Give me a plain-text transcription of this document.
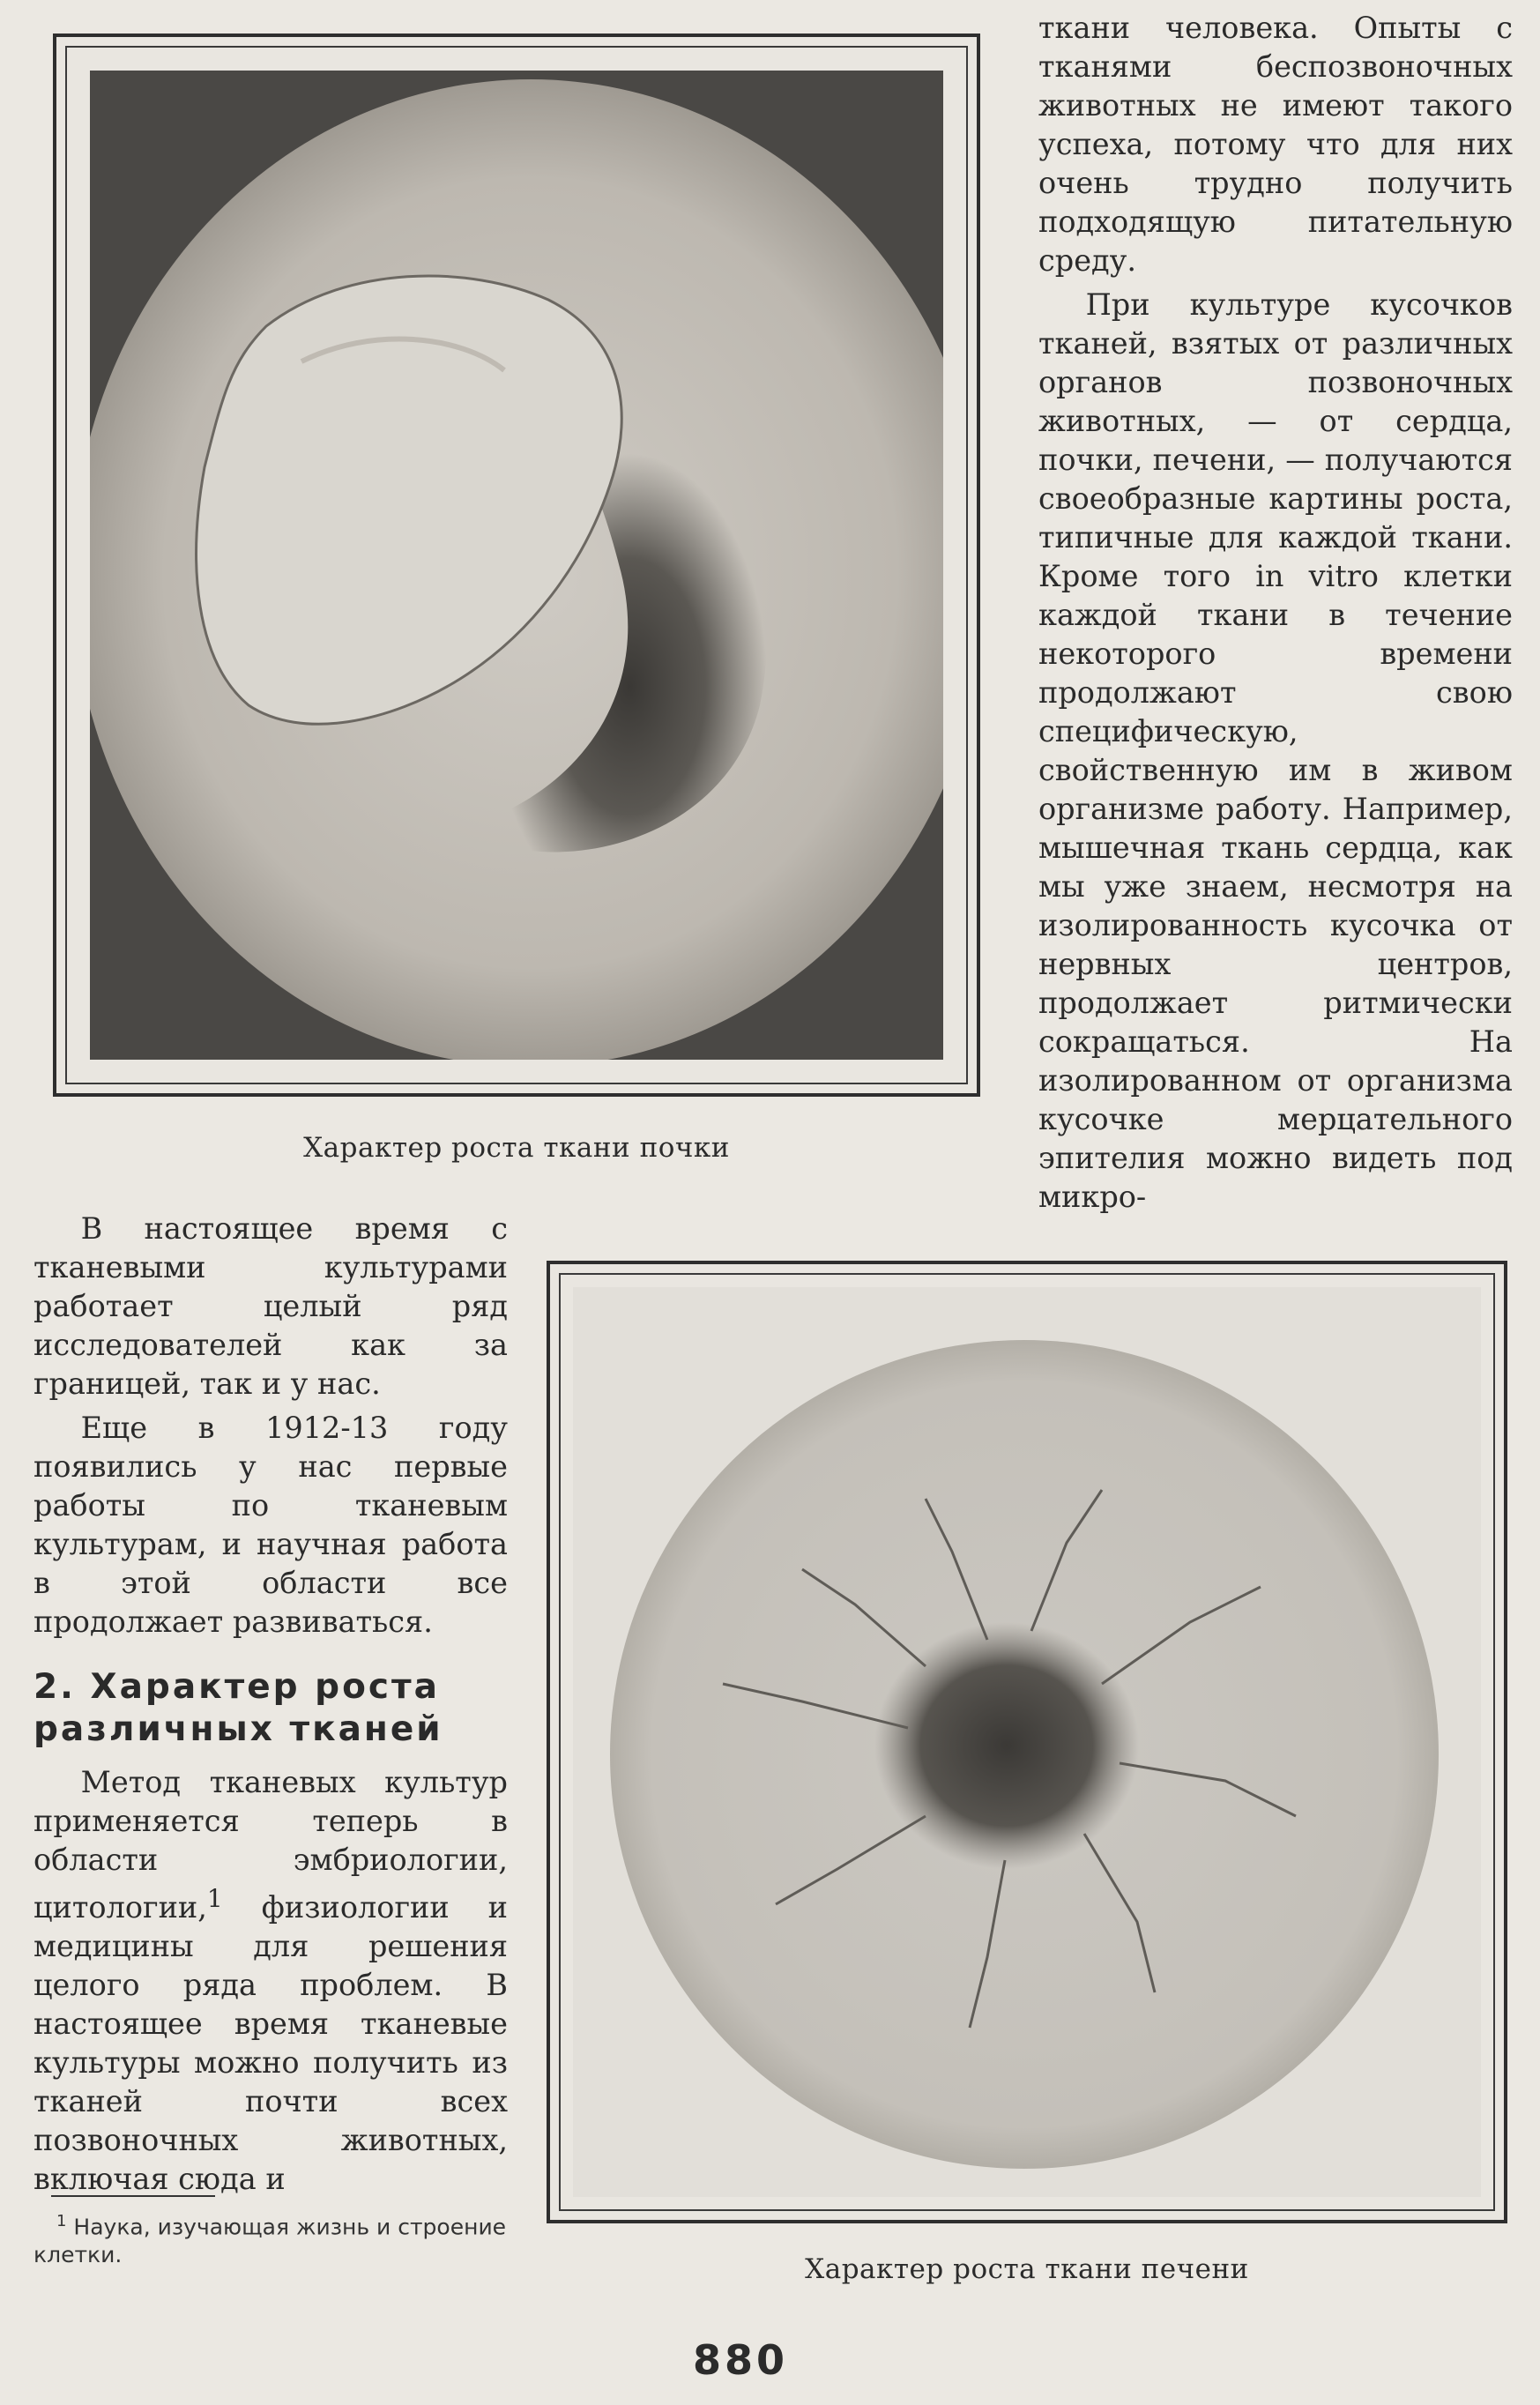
Характер роста ткани почки

ткани человека. Опыты с тканями беспозвоночных животных не имеют такого успеха, потому что для них очень трудно получить подходящую питательную среду.

При культуре кусочков тканей, взятых от различных органов позвоночных животных, — от сердца, почки, печени, — получаются своеобразные картины роста, типичные для каждой ткани. Кроме того in vitro клетки каждой ткани в течение некоторого времени продолжают свою специфическую, свойственную им в живом организме работу. Например, мышечная ткань сердца, как мы уже знаем, несмотря на изолированность кусочка от нервных центров, продолжает ритмически сокращаться. На изолированном от организма кусочке мерцательного эпителия можно видеть под микро-

В настоящее время с тканевыми культурами работает целый ряд исследователей как за границей, так и у нас.

Еще в 1912-13 году появились у нас первые работы по тканевым культурам, и научная работа в этой области все продолжает развиваться.

2. Характер роста различных тканей

Метод тканевых культур применяется теперь в области эмбриологии, цитологии,$^1$ физиологии и медицины для решения целого ряда проблем. В настоящее время тканевые культуры можно получить из тканей почти всех позвоночных животных, включая сюда и

$^1$ Наука, изучающая жизнь и строение клетки.	Характер роста ткани печени
880
